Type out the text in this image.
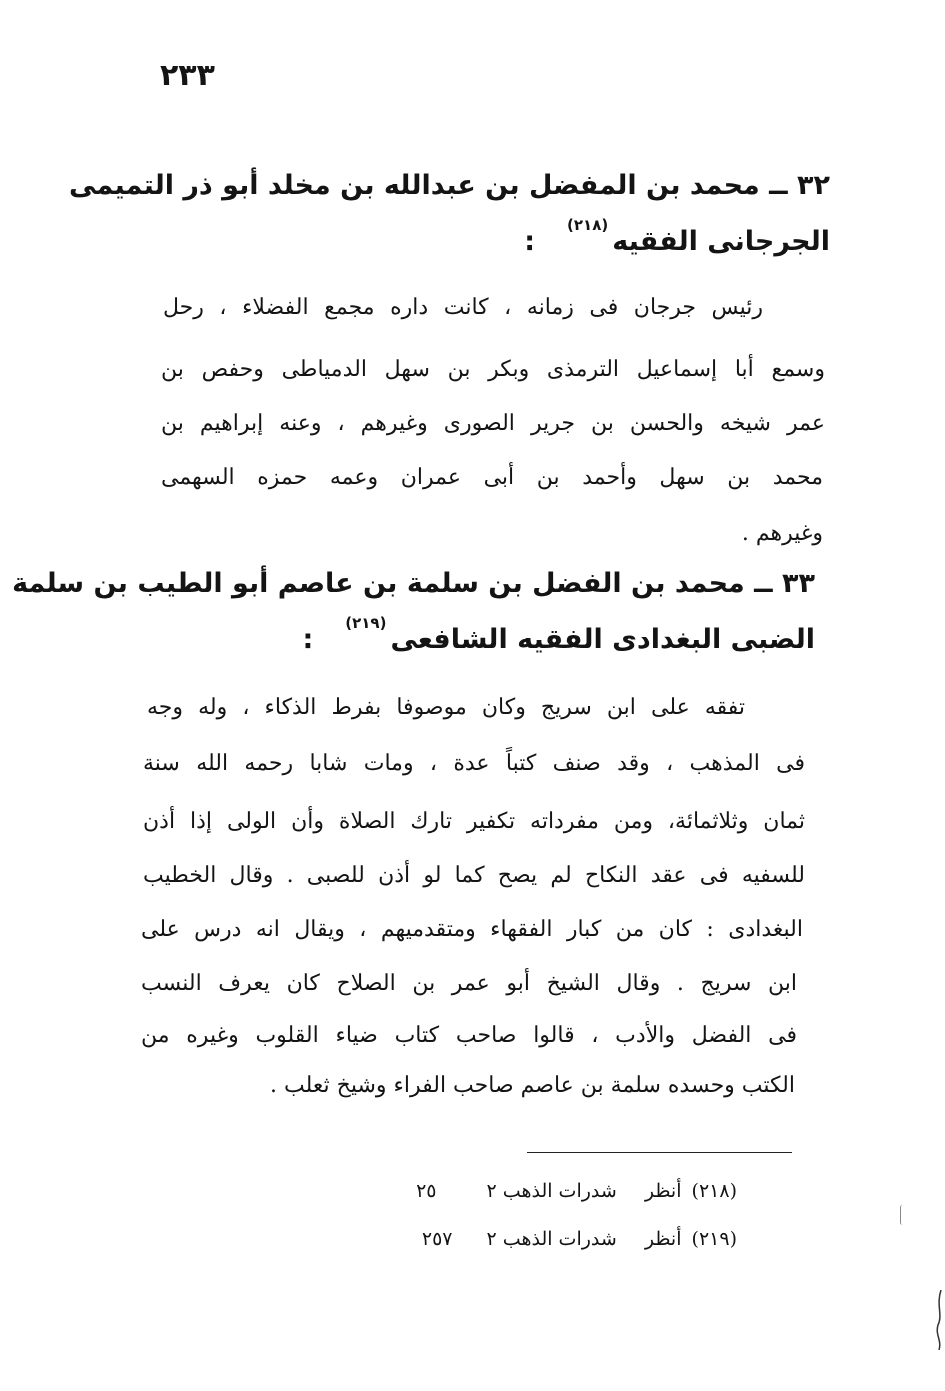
٢٣٣
٣٢ ــ محمد بن المفضل بن عبدالله بن مخلد أبو ذر التميمى
الجرجانى الفقيه$^{(٢١٨)}$:
رئيس جرجان فى زمانه ، كانت داره مجمع الفضلاء ، رحل
وسمع أبا إسماعيل الترمذى وبكر بن سهل الدمياطى وحفص بن
عمر شيخه والحسن بن جرير الصورى وغيرهم ، وعنه إبراهيم بن
محمد بن سهل وأحمد بن أبى عمران وعمه حمزه السهمى
وغيرهم .
٣٣ ــ محمد بن الفضل بن سلمة بن عاصم أبو الطيب بن سلمة
الضبى البغدادى الفقيه الشافعى$^{(٢١٩)}$:
تفقه على ابن سريج وكان موصوفا بفرط الذكاء ، وله وجه
فى المذهب ، وقد صنف كتباً عدة ، ومات شابا رحمه الله سنة
ثمان وثلاثمائة، ومن مفرداته تكفير تارك الصلاة وأن الولى إذا أذن
للسفيه فى عقد النكاح لم يصح كما لو أذن للصبى . وقال الخطيب
البغدادى : كان من كبار الفقهاء ومتقدميهم ، ويقال انه درس على
ابن سريج . وقال الشيخ أبو عمر بن الصلاح كان يعرف النسب
فى الفضل والأدب ، قالوا صاحب كتاب ضياء القلوب وغيره من
الكتب وحسده سلمة بن عاصم صاحب الفراء وشيخ ثعلب .
(٢١٨) أنظر شدرات الذهب ٢ ٢٥
(٢١٩) أنظر شدرات الذهب ٢ ٢٥٧
